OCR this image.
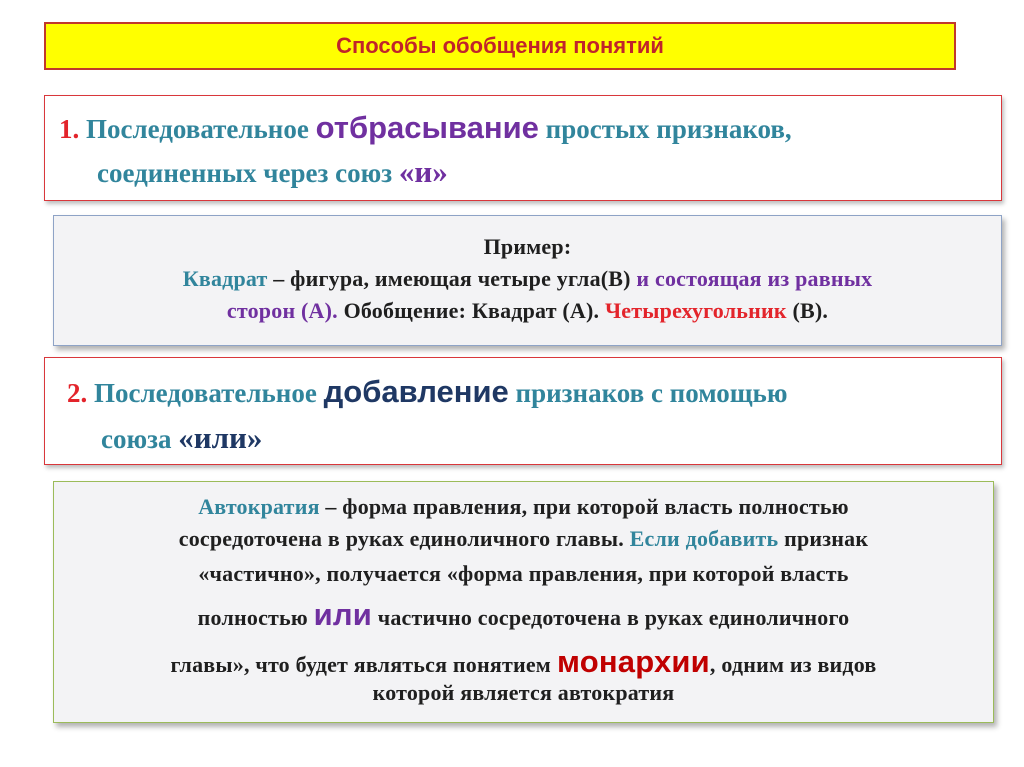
Способы обобщения понятий
1. Последовательное отбрасывание простых признаков,
соединенных через союз «и»
Пример:
Квадрат – фигура, имеющая четыре угла(В) и состоящая из равных
сторон (А). Обобщение: Квадрат (А). Четырехугольник (В).
2. Последовательное добавление признаков с помощью
союза «или»
Автократия – форма правления, при которой власть полностью
сосредоточена в руках единоличного главы. Если добавить признак
«частично», получается «форма правления, при которой власть
полностью или частично сосредоточена в руках единоличного
главы», что будет являться понятием монархии, одним из видов
которой является автократия
